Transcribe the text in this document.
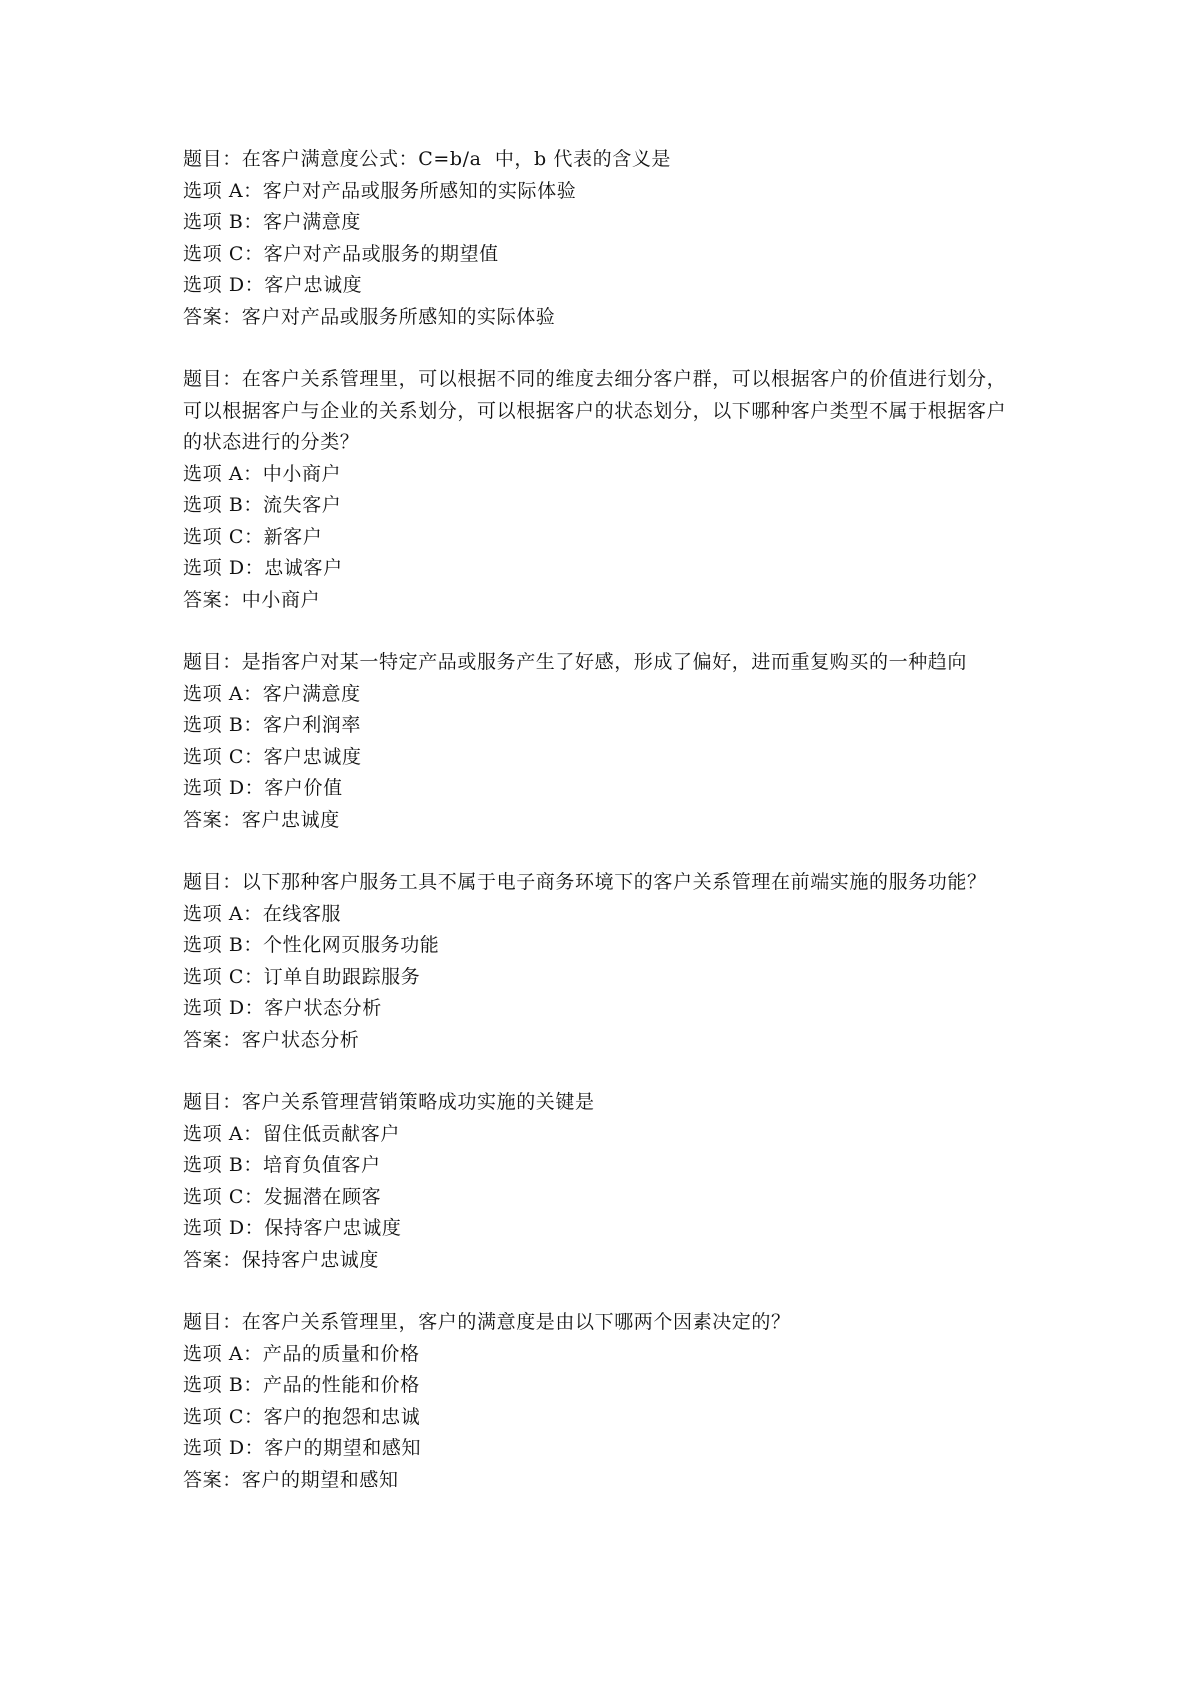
题目：在客户满意度公式：C=b/a  中，b 代表的含义是
选项 A：客户对产品或服务所感知的实际体验
选项 B：客户满意度
选项 C：客户对产品或服务的期望值
选项 D：客户忠诚度
答案：客户对产品或服务所感知的实际体验
题目：在客户关系管理里，可以根据不同的维度去细分客户群，可以根据客户的价值进行划分，可以根据客户与企业的关系划分，可以根据客户的状态划分，以下哪种客户类型不属于根据客户的状态进行的分类？
选项 A：中小商户
选项 B：流失客户
选项 C：新客户
选项 D：忠诚客户
答案：中小商户
题目：是指客户对某一特定产品或服务产生了好感，形成了偏好，进而重复购买的一种趋向
选项 A：客户满意度
选项 B：客户利润率
选项 C：客户忠诚度
选项 D：客户价值
答案：客户忠诚度
题目：以下那种客户服务工具不属于电子商务环境下的客户关系管理在前端实施的服务功能？
选项 A：在线客服
选项 B：个性化网页服务功能
选项 C：订单自助跟踪服务
选项 D：客户状态分析
答案：客户状态分析
题目：客户关系管理营销策略成功实施的关键是
选项 A：留住低贡献客户
选项 B：培育负值客户
选项 C：发掘潜在顾客
选项 D：保持客户忠诚度
答案：保持客户忠诚度
题目：在客户关系管理里，客户的满意度是由以下哪两个因素决定的？
选项 A：产品的质量和价格
选项 B：产品的性能和价格
选项 C：客户的抱怨和忠诚
选项 D：客户的期望和感知
答案：客户的期望和感知
